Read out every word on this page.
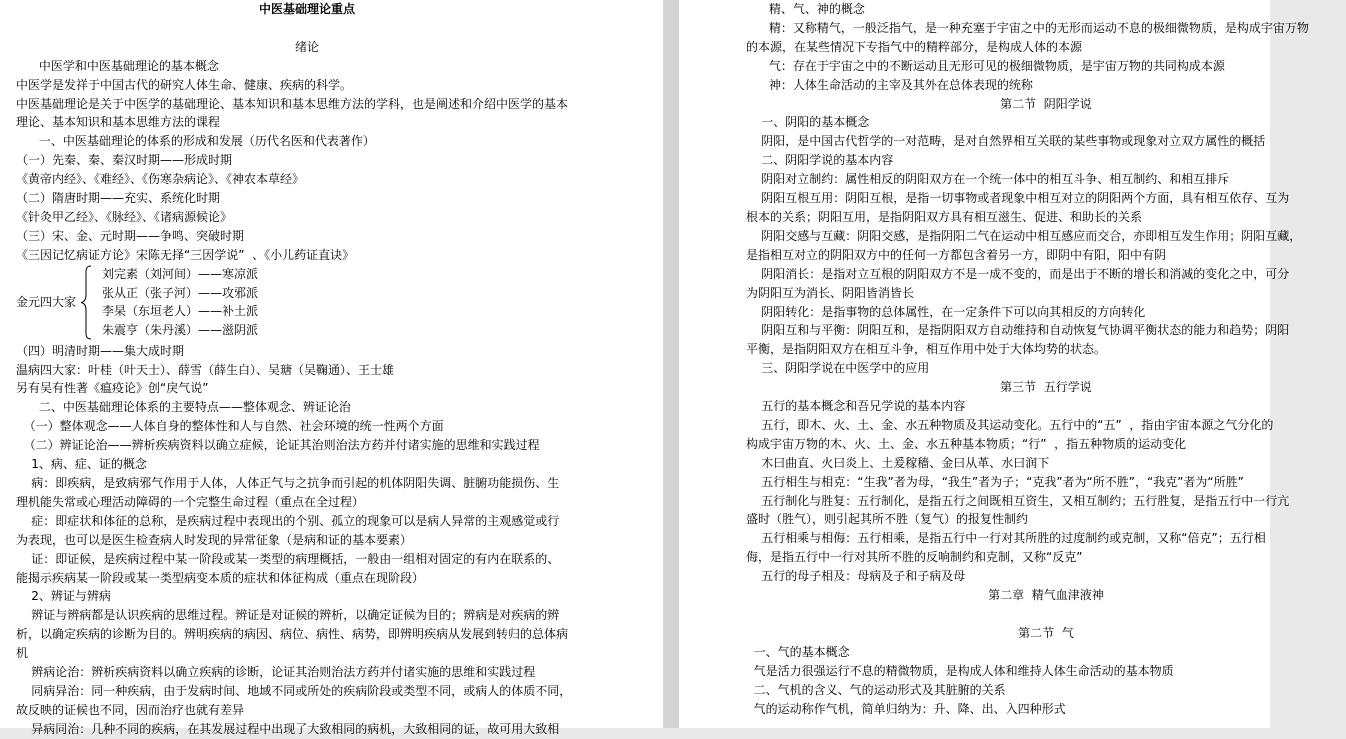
中医基础理论重点
绪论
中医学和中医基础理论的基本概念
中医学是发祥于中国古代的研究人体生命、健康、疾病的科学。
中医基础理论是关于中医学的基础理论、基本知识和基本思维方法的学科，也是阐述和介绍中医学的基本
理论、基本知识和基本思维方法的课程
一、中医基础理论的体系的形成和发展（历代名医和代表著作）
（一）先秦、秦、秦汉时期——形成时期
《黄帝内经》、《难经》、《伤寒杂病论》、《神农本草经》
（二）隋唐时期——充实、系统化时期
《针灸甲乙经》、《脉经》、《诸病源候论》
（三）宋、金、元时期——争鸣、突破时期
《三因记忆病证方论》宋陈无择“三因学说”  、《小儿药证直诀》
金元四大家
刘完素（刘河间）——寒凉派
张从正（张子河）——攻邪派
李杲（东垣老人）——补土派
朱震亨（朱丹溪）——滋阴派
（四）明清时期——集大成时期
温病四大家：叶桂（叶天士）、薛雪（薛生白）、吴瑭（吴鞠通）、王士雄
另有吴有性著《瘟疫论》创“戾气说”
二、中医基础理论体系的主要特点——整体观念、辨证论治
（一）整体观念——人体自身的整体性和人与自然、社会环境的统一性两个方面
（二）辨证论治——辨析疾病资料以确立症候，论证其治则治法方药并付诸实施的思维和实践过程
1、病、症、证的概念
病：即疾病，是致病邪气作用于人体，人体正气与之抗争而引起的机体阴阳失调、脏腑功能损伤、生
理机能失常或心理活动障碍的一个完整生命过程（重点在全过程）
症：即症状和体征的总称，是疾病过程中表现出的个别、孤立的现象可以是病人异常的主观感觉或行
为表现，也可以是医生检查病人时发现的异常征象（是病和证的基本要素）
证：即证候，是疾病过程中某一阶段或某一类型的病理概括，一般由一组相对固定的有内在联系的、
能揭示疾病某一阶段或某一类型病变本质的症状和体征构成（重点在现阶段）
2、辨证与辨病
辨证与辨病都是认识疾病的思维过程。辨证是对证候的辨析，以确定证候为目的；辨病是对疾病的辨
析，以确定疾病的诊断为目的。辨明疾病的病因、病位、病性、病势，即辨明疾病从发展到转归的总体病
机
辨病论治：辨析疾病资料以确立疾病的诊断，论证其治则治法方药并付诸实施的思维和实践过程
同病异治：同一种疾病，由于发病时间、地域不同或所处的疾病阶段或类型不同，或病人的体质不同，
故反映的证候也不同，因而治疗也就有差异
异病同治：几种不同的疾病，在其发展过程中出现了大致相同的病机，大致相同的证，故可用大致相
精、气、神的概念
精：又称精气，一般泛指气，是一种充塞于宇宙之中的无形而运动不息的极细微物质，是构成宇宙万物
的本源，在某些情况下专指气中的精粹部分，是构成人体的本源
气：存在于宇宙之中的不断运动且无形可见的极细微物质，是宇宙万物的共同构成本源
神：人体生命活动的主宰及其外在总体表现的统称
第二节  阴阳学说
一、阴阳的基本概念
阴阳，是中国古代哲学的一对范畴，是对自然界相互关联的某些事物或现象对立双方属性的概括
二、阴阳学说的基本内容
阴阳对立制约：属性相反的阴阳双方在一个统一体中的相互斗争、相互制约、和相互排斥
阴阳互根互用：阴阳互根，是指一切事物或者现象中相互对立的阴阳两个方面，具有相互依存、互为
根本的关系；阴阳互用，是指阴阳双方具有相互滋生、促进、和助长的关系
阴阳交感与互藏：阴阳交感，是指阴阳二气在运动中相互感应而交合，亦即相互发生作用；阴阳互藏，
是指相互对立的阴阳双方中的任何一方都包含着另一方，即阴中有阳，阳中有阴
阴阳消长：是指对立互根的阴阳双方不是一成不变的，而是出于不断的增长和消减的变化之中，可分
为阴阳互为消长、阴阳皆消皆长
阴阳转化：是指事物的总体属性，在一定条件下可以向其相反的方向转化
阴阳互和与平衡：阴阳互和，是指阴阳双方自动维持和自动恢复气协调平衡状态的能力和趋势；阴阳
平衡，是指阴阳双方在相互斗争，相互作用中处于大体均势的状态。
三、阴阳学说在中医学中的应用
第三节  五行学说
五行的基本概念和吾兄学说的基本内容
五行，即木、火、土、金、水五种物质及其运动变化。五行中的“五”  ，指由宇宙本源之气分化的
构成宇宙万物的木、火、土、金、水五种基本物质；“行”  ，指五种物质的运动变化
木曰曲直、火曰炎上、土爰稼穑、金曰从革、水曰润下
五行相生与相克：“生我”者为母，“我生”者为子；“克我”者为“所不胜”，“我克”者为“所胜”
五行制化与胜复：五行制化，是指五行之间既相互资生，又相互制约；五行胜复，是指五行中一行亢
盛时（胜气），则引起其所不胜（复气）的报复性制约
五行相乘与相侮：五行相乘，是指五行中一行对其所胜的过度制约或克制，又称“倍克”；五行相
侮，是指五行中一行对其所不胜的反响制约和克制，又称“反克”
五行的母子相及：母病及子和子病及母
第二章  精气血津液神
第二节  气
一、气的基本概念
气是活力很强运行不息的精微物质，是构成人体和维持人体生命活动的基本物质
二、气机的含义、气的运动形式及其脏腑的关系
气的运动称作气机，简单归纳为：升、降、出、入四种形式
